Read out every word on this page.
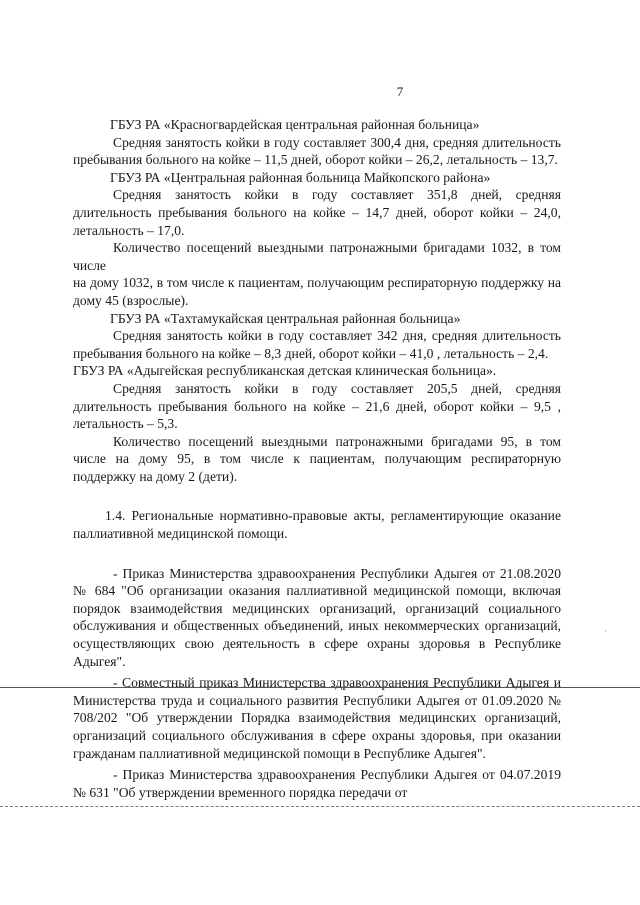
7

ГБУЗ РА «Красногвардейская центральная районная больница»

Средняя занятость койки в году составляет 300,4 дня, средняя длительность пребывания больного на койке – 11,5 дней, оборот койки – 26,2, летальность – 13,7.

ГБУЗ РА «Центральная районная больница Майкопского района»

Средняя занятость койки в году составляет 351,8 дней, средняя длительность пребывания больного на койке – 14,7 дней, оборот койки – 24,0, летальность – 17,0.

Количество посещений выездными патронажными бригадами 1032, в том числе

на дому 1032, в том числе к пациентам, получающим респираторную поддержку на дому 45 (взрослые).

ГБУЗ РА «Тахтамукайская центральная районная больница»

Средняя занятость койки в году составляет 342 дня, средняя длительность пребывания больного на койке – 8,3 дней, оборот койки – 41,0 , летальность – 2,4.

ГБУЗ РА «Адыгейская республиканская детская клиническая больница».

Средняя занятость койки в году составляет 205,5 дней, средняя длительность пребывания больного на койке – 21,6 дней, оборот койки – 9,5 , летальность – 5,3.

Количество посещений выездными патронажными бригадами 95, в том числе на дому 95, в том числе к пациентам, получающим респираторную поддержку на дому 2 (дети).

1.4. Региональные нормативно-правовые акты, регламентирующие оказание паллиативной медицинской помощи.

- Приказ Министерства здравоохранения Республики Адыгея от 21.08.2020 № 684 "Об организации оказания паллиативной медицинской помощи, включая порядок взаимодействия медицинских организаций, организаций социального обслуживания и общественных объединений, иных некоммерческих организаций, осуществляющих свою деятельность в сфере охраны здоровья в Республике Адыгея".

- Совместный приказ Министерства здравоохранения Республики Адыгея и Министерства труда и социального развития Республики Адыгея от 01.09.2020 № 708/202 "Об утверждении Порядка взаимодействия медицинских организаций, организаций социального обслуживания в сфере охраны здоровья, при оказании гражданам паллиативной медицинской помощи в Республике Адыгея".

- Приказ Министерства здравоохранения Республики Адыгея от 04.07.2019 № 631 "Об утверждении временного порядка передачи от

·
